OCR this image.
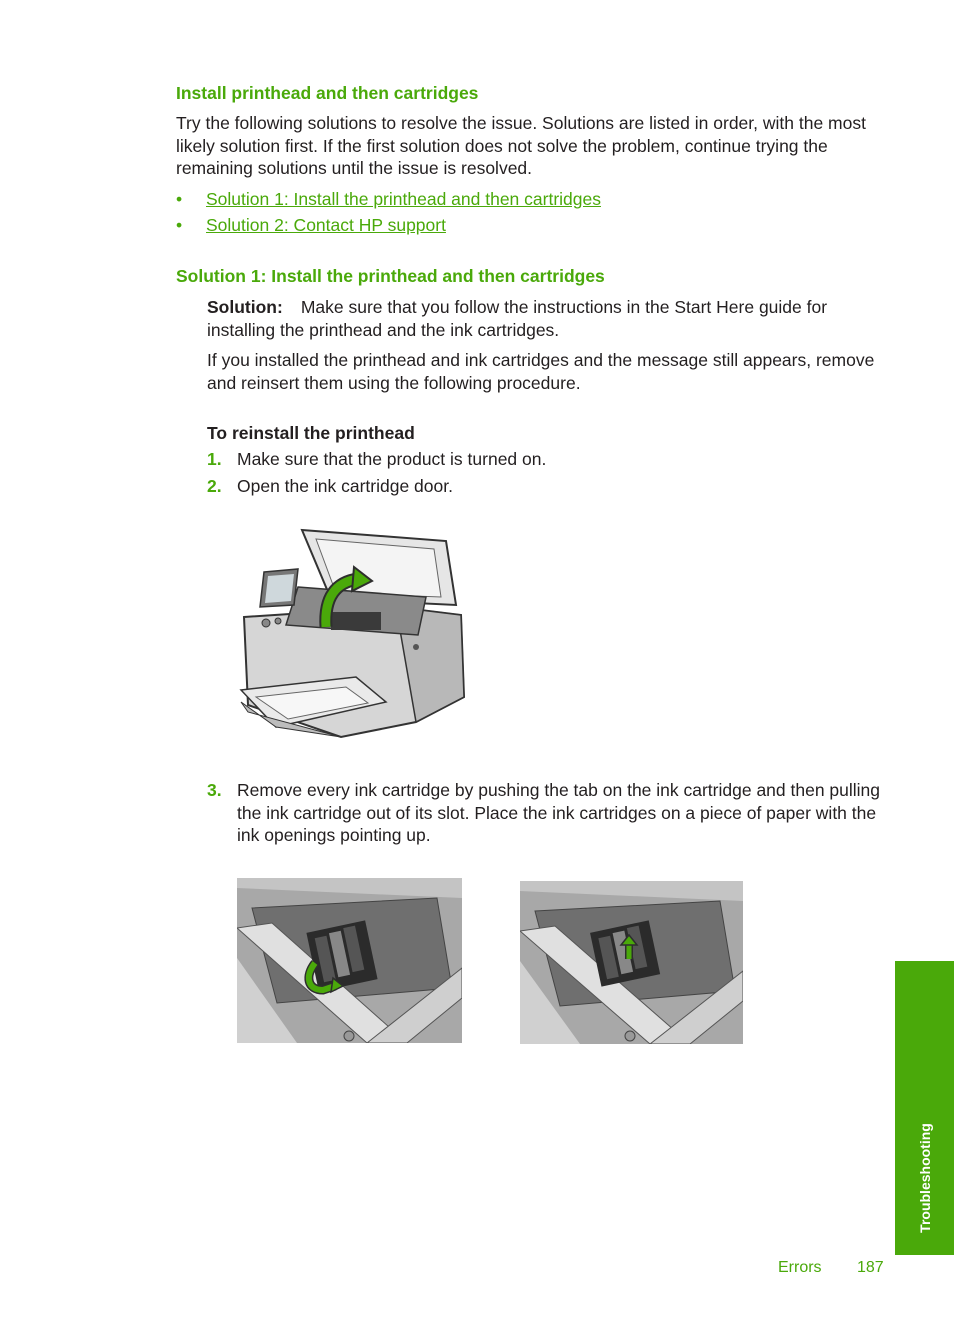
Install printhead and then cartridges

Try the following solutions to resolve the issue. Solutions are listed in order, with the most likely solution first. If the first solution does not solve the problem, continue trying the remaining solutions until the issue is resolved.

• Solution 1: Install the printhead and then cartridges
• Solution 2: Contact HP support
Solution 1: Install the printhead and then cartridges

Solution: Make sure that you follow the instructions in the Start Here guide for installing the printhead and the ink cartridges.

If you installed the printhead and ink cartridges and the message still appears, remove and reinsert them using the following procedure.

To reinstall the printhead
1. Make sure that the product is turned on.
2. Open the ink cartridge door.
3. Remove every ink cartridge by pushing the tab on the ink cartridge and then pulling the ink cartridge out of its slot. Place the ink cartridges on a piece of paper with the ink openings pointing up.

Troubleshooting
Errors 187
